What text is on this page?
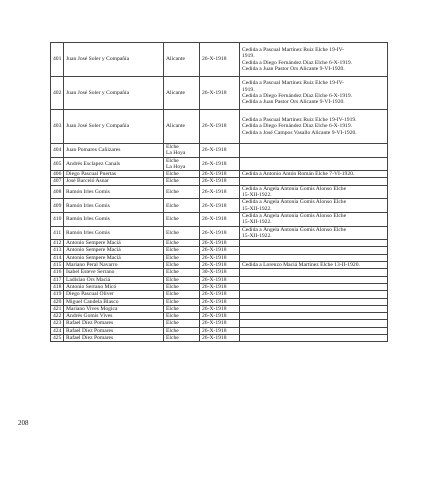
208
401	Juan José Soler y Compañía	Alicante	26-X-1918	Cedida a Pascual Martínez Ruiz Elche 19-IV-
1919.
Cedida a Diego Fernández Díaz Elche 6-X-1919.
Cedida a Juan Pastor Ors Alicante 9-VI-1920.

402	Juan José Soler y Compañía	Alicante	26-X-1918	Cedida a Pascual Martínez Ruiz Elche 19-IV-
1919.
Cedida a Diego Fernández Díaz Elche 6-X-1919.
Cedida a Juan Pastor Ors Alicante 9-VI-1920.

403	Juan José Soler y Compañía	Alicante	26-X-1918	Cedida a Pascual Martínez Ruiz Elche 19-IV-1919.
Cedida a Diego Fernández Díaz Elche 6-X-1919.
Cedida a José Campos Vasallo Alicante 9-VI-1920.

404	Juan Pomares Cañizares	Elche
La Hoya	26-X-1918	
405	Andrés Esclapez Canals	Elche
La Hoya	26-X-1918	
406	Diego Pascual Puertas	Elche	26-X-1918	Cedida a Antonio Antón Román Elche 7-VI-1920.

407	José Barceló Asnar	Elche	26-X-1918	
408	Ramón Irles Gomis	Elche	26-X-1918	Cedida a Ángela Antonia Gomis Alonso Elche
15-XII-1922.

409	Ramón Irles Gomis	Elche	26-X-1918	Cedida a Ángela Antonia Gomis Alonso Elche
15-XII-1922.

410	Ramón Irles Gomis	Elche	26-X-1918	Cedida a Ángela Antonia Gomis Alonso Elche
15-XII-1922.

411	Ramón Irles Gomis	Elche	26-X-1918	Cedida a Ángela Antonia Gomis Alonso Elche
15-XII-1922.

412	Antonio Sempere Maciá	Elche	26-X-1918	
413	Antonio Sempere Maciá	Elche	26-X-1918	
414	Antonio Sempere Maciá	Elche	26-X-1918	
415	Mariano Peral Navarro	Elche	26-X-1918	Cedida a Lorenzo Maciá Martínez Elche 13-II-1920.

416	Isabel Esteve Serrano	Elche	30-X-1918	
417	Ladislao Ors Maciá	Elche	26-X-1918	
418	Antonio Serrano Micó	Elche	26-X-1918	
419	Diego Pascual Oliver	Elche	26-X-1918	
420	Miguel Candela Blasco	Elche	26-X-1918	
421	Mariano Vives Mogica	Elche	26-X-1918	
422	Andrés Gomis Vives	Elche	26-X-1918	
423	Rafael Díez Pomares	Elche	26-X-1918	
424	Rafael Díez Pomares	Elche	26-X-1918	
425	Rafael Díez Pomares	Elche	26-X-1918	
